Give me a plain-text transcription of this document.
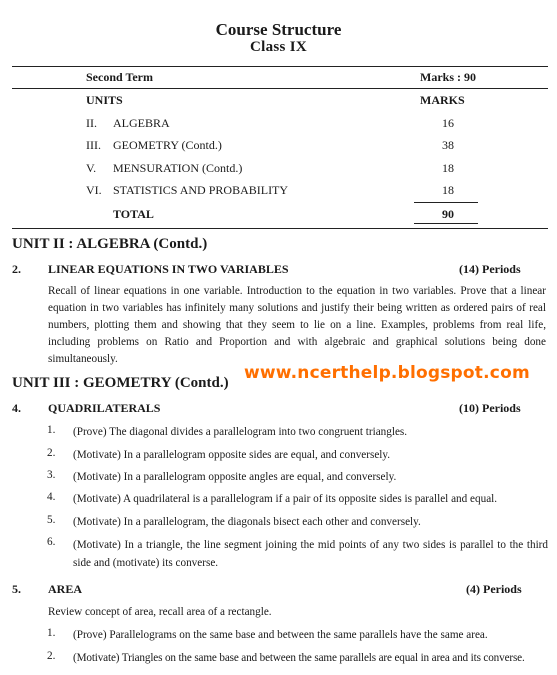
Course Structure
Class IX
Second Term	Marks : 90
UNITS	MARKS
II. ALGEBRA	16
III. GEOMETRY (Contd.)	38
V. MENSURATION (Contd.)	18
VI. STATISTICS AND PROBABILITY	18
TOTAL	90
UNIT II : ALGEBRA (Contd.)
2. LINEAR EQUATIONS IN TWO VARIABLES	(14) Periods
Recall of linear equations in one variable. Introduction to the equation in two variables. Prove that a linear equation in two variables has infinitely many solutions and justify their being written as ordered pairs of real numbers, plotting them and showing that they seem to lie on a line. Examples, problems from real life, including problems on Ratio and Proportion and with algebraic and graphical solutions being done simultaneously.
UNIT III : GEOMETRY (Contd.) www.ncerthelp.blogspot.com
4. QUADRILATERALS	(10) Periods
1. (Prove) The diagonal divides a parallelogram into two congruent triangles.
2. (Motivate) In a parallelogram opposite sides are equal, and conversely.
3. (Motivate) In a parallelogram opposite angles are equal, and conversely.
4. (Motivate) A quadrilateral is a parallelogram if a pair of its opposite sides is parallel and equal.
5. (Motivate) In a parallelogram, the diagonals bisect each other and conversely.
6. (Motivate) In a triangle, the line segment joining the mid points of any two sides is parallel to the third side and (motivate) its converse.
5. AREA	(4) Periods
Review concept of area, recall area of a rectangle.
1. (Prove) Parallelograms on the same base and between the same parallels have the same area.
2. (Motivate) Triangles on the same base and between the same parallels are equal in area and its converse.
